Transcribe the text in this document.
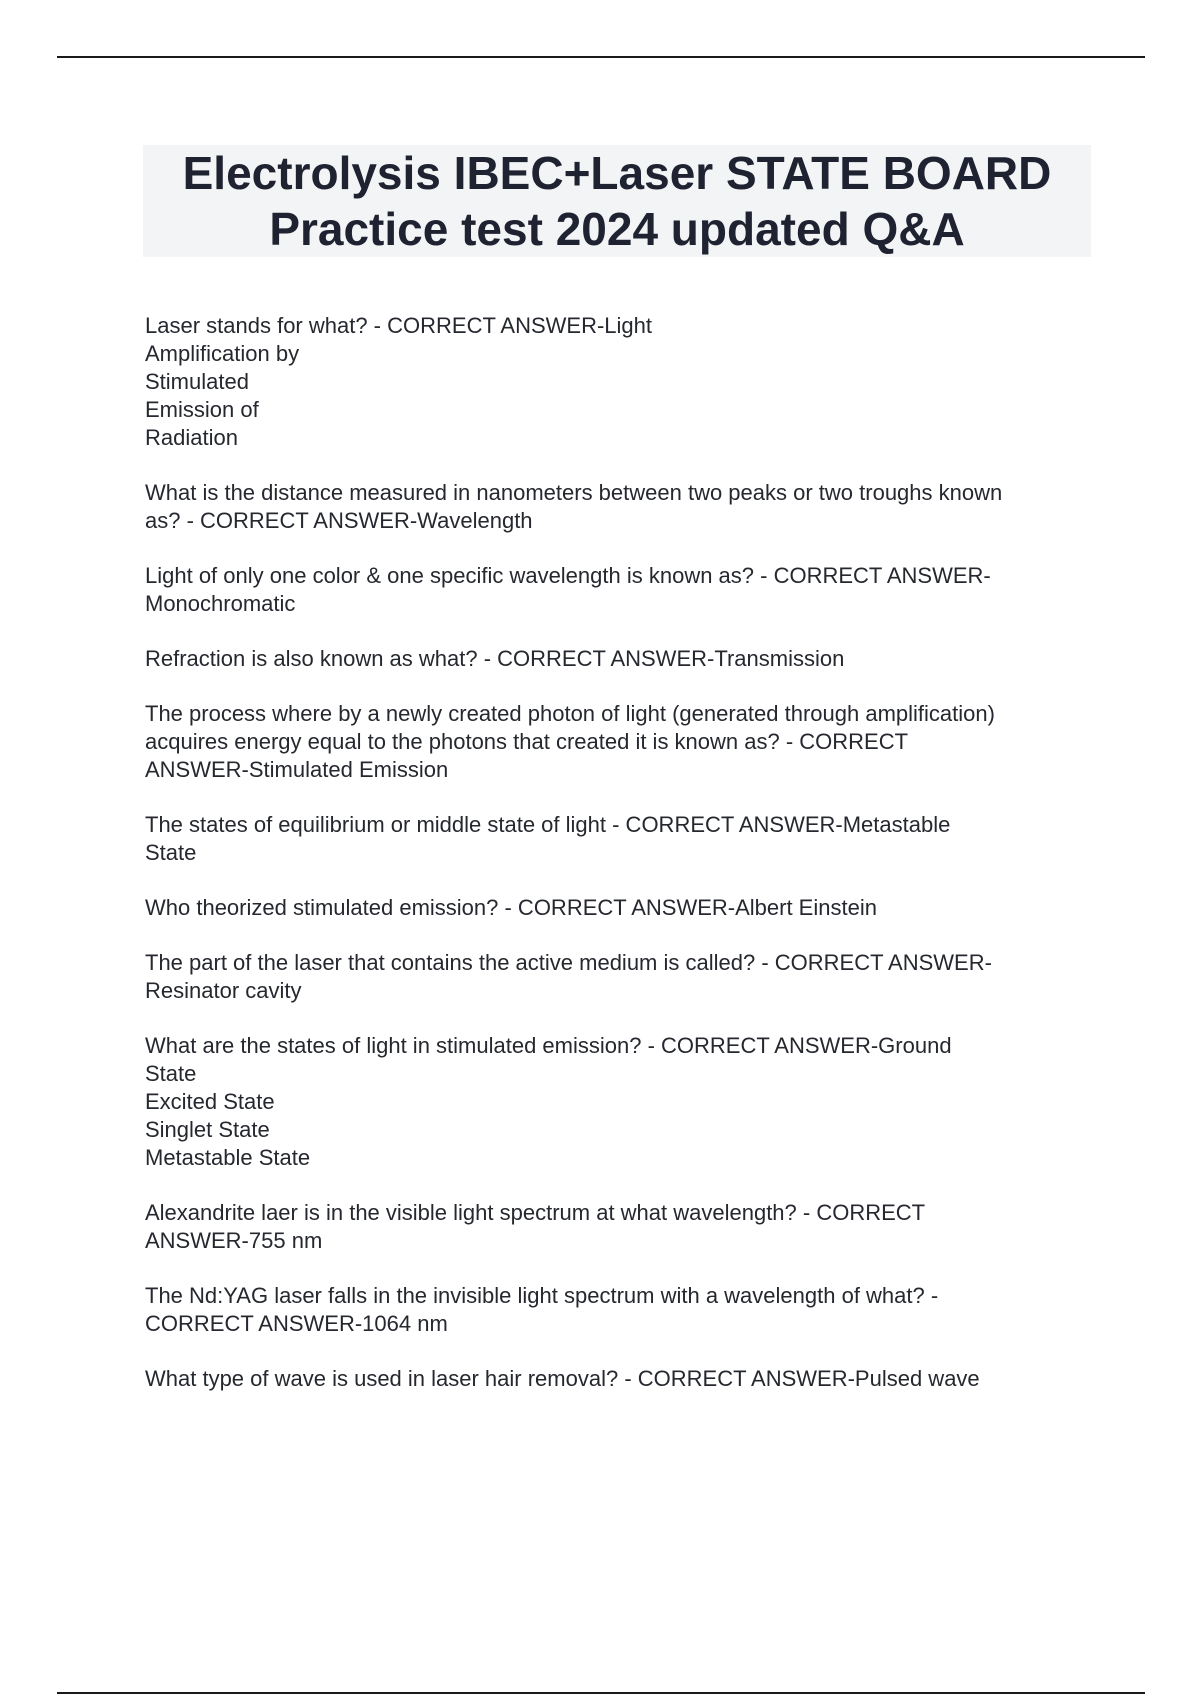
Electrolysis IBEC+Laser STATE BOARD
Practice test 2024 updated Q&A
Laser stands for what? - CORRECT ANSWER-Light
Amplification by
Stimulated
Emission of
Radiation
What is the distance measured in nanometers between two peaks or two troughs known
as? - CORRECT ANSWER-Wavelength
Light of only one color & one specific wavelength is known as? - CORRECT ANSWER-
Monochromatic
Refraction is also known as what? - CORRECT ANSWER-Transmission
The process where by a newly created photon of light (generated through amplification)
acquires energy equal to the photons that created it is known as? - CORRECT
ANSWER-Stimulated Emission
The states of equilibrium or middle state of light - CORRECT ANSWER-Metastable
State
Who theorized stimulated emission? - CORRECT ANSWER-Albert Einstein
The part of the laser that contains the active medium is called? - CORRECT ANSWER-
Resinator cavity
What are the states of light in stimulated emission? - CORRECT ANSWER-Ground
State
Excited State
Singlet State
Metastable State
Alexandrite laer is in the visible light spectrum at what wavelength? - CORRECT
ANSWER-755 nm
The Nd:YAG laser falls in the invisible light spectrum with a wavelength of what? -
CORRECT ANSWER-1064 nm
What type of wave is used in laser hair removal? - CORRECT ANSWER-Pulsed wave
